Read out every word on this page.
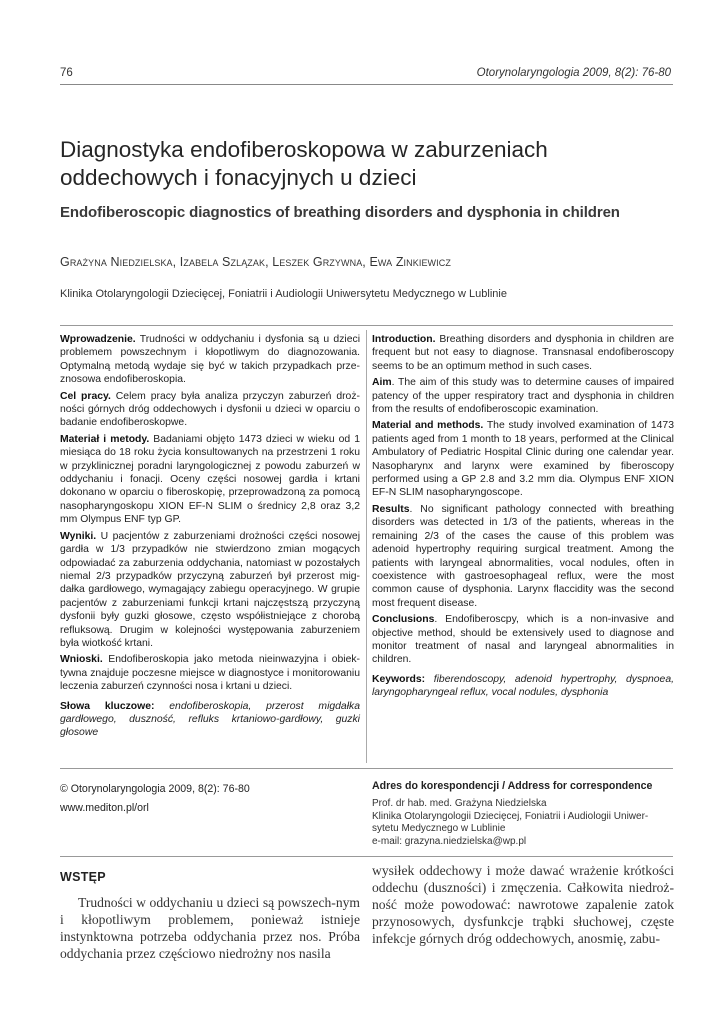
76	Otorynolaryngologia 2009, 8(2): 76-80
Diagnostyka endofiberoskopowa w zaburzeniach oddechowych i fonacyjnych u dzieci
Endofiberoscopic diagnostics of breathing disorders and dysphonia in children
Grażyna Niedzielska, Izabela Szlązak, Leszek Grzywna, Ewa Zinkiewicz
Klinika Otolaryngologii Dziecięcej, Foniatrii i Audiologii Uniwersytetu Medycznego w Lublinie

Wprowadzenie. Trudności w oddychaniu i dysfonia są u dzieci problemem powszechnym i kłopotliwym do diagnozowania. Optymalną metodą wydaje się być w takich przypadkach prze-znosowa endofiberoskopia.

Cel pracy. Celem pracy była analiza przyczyn zaburzeń droż-ności górnych dróg oddechowych i dysfonii u dzieci w oparciu o badanie endofiberoskopwe.

Materiał i metody. Badaniami objęto 1473 dzieci w wieku od 1 miesiąca do 18 roku życia konsultowanych na przestrzeni 1 roku w przyklinicznej poradni laryngologicznej z powodu zaburzeń w oddychaniu i fonacji. Oceny części nosowej gardła i krtani dokonano w oparciu o fiberoskopię, przeprowadzoną za pomocą nasopharyngoskopu XION EF-N SLIM o średnicy 2,8 oraz 3,2 mm Olympus ENF typ GP.

Wyniki. U pacjentów z zaburzeniami drożności części nosowej gardła w 1/3 przypadków nie stwierdzono zmian mogących odpowiadać za zaburzenia oddychania, natomiast w pozostałych niemal 2/3 przypadków przyczyną zaburzeń był przerost mig-dałka gardłowego, wymagający zabiegu operacyjnego. W grupie pacjentów z zaburzeniami funkcji krtani najczęstszą przyczyną dysfonii były guzki głosowe, często współistniejące z chorobą refluksową. Drugim w kolejności występowania zaburzeniem była wiotkość krtani.

Wnioski. Endofiberoskopia jako metoda nieinwazyjna i obiek-tywna znajduje poczesne miejsce w diagnostyce i monitorowaniu leczenia zaburzeń czynności nosa i krtani u dzieci.

Słowa kluczowe: endofiberoskopia, przerost migdałka gardłowego, duszność, refluks krtaniowo-gardłowy, guzki głosowe

Introduction. Breathing disorders and dysphonia in children are frequent but not easy to diagnose. Transnasal endofiberoscopy seems to be an optimum method in such cases.

Aim. The aim of this study was to determine causes of impaired patency of the upper respiratory tract and dysphonia in children from the results of endofiberoscopic examination.

Material and methods. The study involved examination of 1473 patients aged from 1 month to 18 years, performed at the Clinical Ambulatory of Pediatric Hospital Clinic during one calendar year. Nasopharynx and larynx were examined by fiberoscopy performed using a GP 2.8 and 3.2 mm dia. Olympus ENF XION EF-N SLIM nasopharyngoscope.

Results. No significant pathology connected with breathing disorders was detected in 1/3 of the patients, whereas in the remaining 2/3 of the cases the cause of this problem was adenoid hypertrophy requiring surgical treatment. Among the patients with laryngeal abnormalities, vocal nodules, often in coexistence with gastroesophageal reflux, were the most common cause of dysphonia. Larynx flaccidity was the second most frequent disease.

Conclusions. Endofiberoscpy, which is a non-invasive and objective method, should be extensively used to diagnose and monitor treatment of nasal and laryngeal abnormalities in children.

Keywords: fiberendoscopy, adenoid hypertrophy, dyspnoea, laryngopharyngeal reflux, vocal nodules, dysphonia

© Otorynolaryngologia 2009, 8(2): 76-80
www.mediton.pl/orl
Adres do korespondencji / Address for correspondence
Prof. dr hab. med. Grażyna Niedzielska
Klinika Otolaryngologii Dziecięcej, Foniatrii i Audiologii Uniwer-
sytetu Medycznego w Lublinie
e-mail: grazyna.niedzielska@wp.pl
WSTĘP
Trudności w oddychaniu u dzieci są powszech-nym i kłopotliwym problemem, ponieważ istnieje instynktowna potrzeba oddychania przez nos. Próba oddychania przez częściowo niedrożny nos nasila
wysiłek oddechowy i może dawać wrażenie krótkości oddechu (duszności) i zmęczenia. Całkowita niedroż-ność może powodować: nawrotowe zapalenie zatok przynosowych, dysfunkcje trąbki słuchowej, częste infekcje górnych dróg oddechowych, anosmię, zabu-
